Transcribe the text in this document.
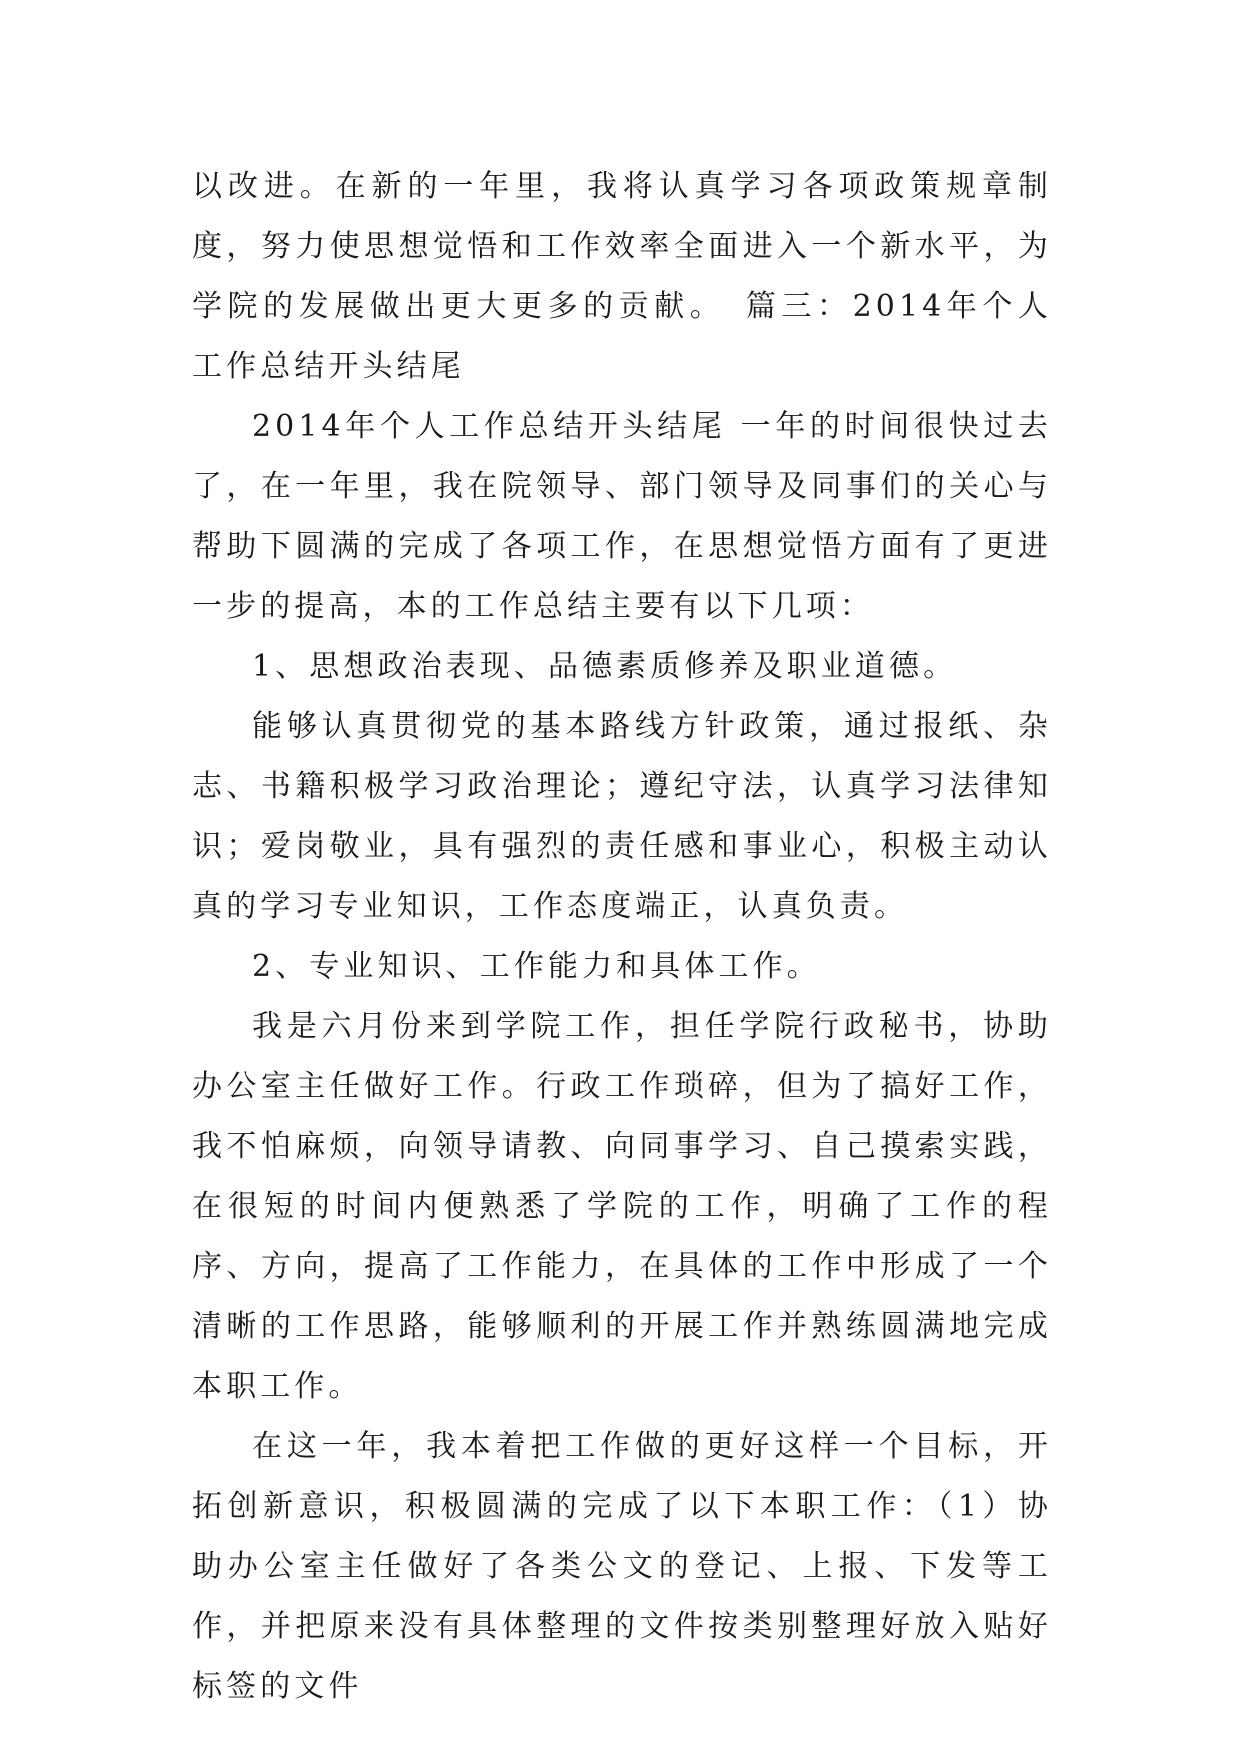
以改进。在新的一年里，我将认真学习各项政策规章制度，努力使思想觉悟和工作效率全面进入一个新水平，为学院的发展做出更大更多的贡献。　篇三：2014年个人工作总结开头结尾

2014年个人工作总结开头结尾 一年的时间很快过去了，在一年里，我在院领导、部门领导及同事们的关心与帮助下圆满的完成了各项工作，在思想觉悟方面有了更进一步的提高，本的工作总结主要有以下几项：

1、思想政治表现、品德素质修养及职业道德。

能够认真贯彻党的基本路线方针政策，通过报纸、杂志、书籍积极学习政治理论；遵纪守法，认真学习法律知识；爱岗敬业，具有强烈的责任感和事业心，积极主动认真的学习专业知识，工作态度端正，认真负责。

2、专业知识、工作能力和具体工作。

我是六月份来到学院工作，担任学院行政秘书，协助办公室主任做好工作。行政工作琐碎，但为了搞好工作，我不怕麻烦，向领导请教、向同事学习、自己摸索实践，在很短的时间内便熟悉了学院的工作，明确了工作的程序、方向，提高了工作能力，在具体的工作中形成了一个清晰的工作思路，能够顺利的开展工作并熟练圆满地完成本职工作。

在这一年，我本着把工作做的更好这样一个目标，开拓创新意识，积极圆满的完成了以下本职工作：（1）协助办公室主任做好了各类公文的登记、上报、下发等工作，并把原来没有具体整理的文件按类别整理好放入贴好标签的文件
